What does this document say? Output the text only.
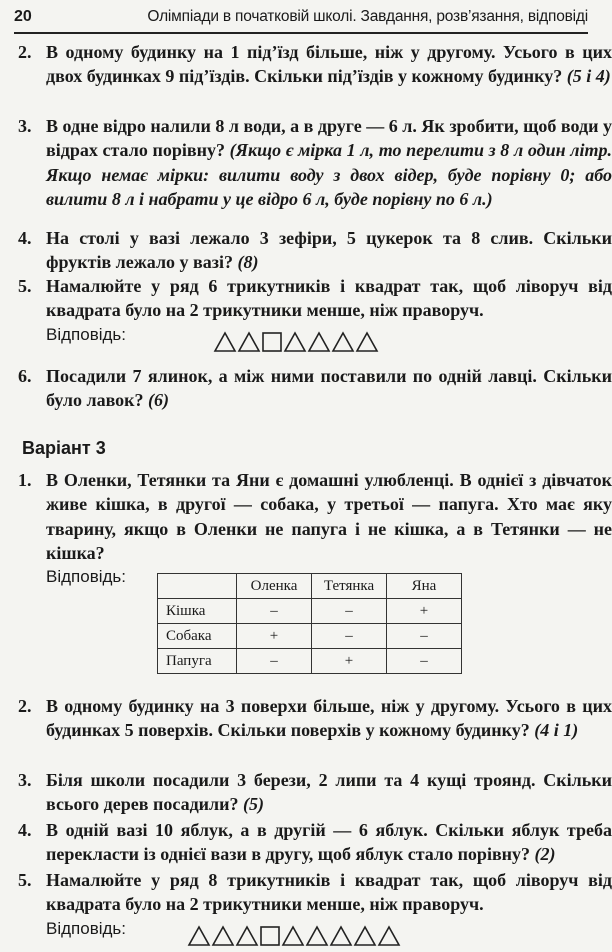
20	Олімпіади в початковій школі. Завдання, розв’язання, відповіді
2. В одному будинку на 1 під’їзд більше, ніж у другому. Усього в цих двох будинках 9 під’їздів. Скільки під’їздів у кожному будинку? (5 і 4)
3. В одне відро налили 8 л води, а в друге — 6 л. Як зробити, щоб води у відрах стало порівну? (Якщо є мірка 1 л, то перелити з 8 л один літр. Якщо немає мірки: вилити воду з двох відер, буде порівну 0; або вилити 8 л і набрати у це відро 6 л, буде порівну по 6 л.)
4. На столі у вазі лежало 3 зефіри, 5 цукерок та 8 слив. Скільки фруктів лежало у вазі? (8)
5. Намалюйте у ряд 6 трикутників і квадрат так, щоб ліворуч від квадрата було на 2 трикутники менше, ніж праворуч.
Відповідь:
6. Посадили 7 ялинок, а між ними поставили по одній лавці. Скільки було лавок? (6)
Варіант 3
1. В Оленки, Тетянки та Яни є домашні улюбленці. В однієї з дівчаток живе кішка, в другої — собака, у третьої — папуга. Хто має яку тварину, якщо в Оленки не папуга і не кішка, а в Тетянки — не кішка?
Відповідь:
2. В одному будинку на 3 поверхи більше, ніж у другому. Усього в цих будинках 5 поверхів. Скільки поверхів у кожному будинку? (4 і 1)
3. Біля школи посадили 3 берези, 2 липи та 4 кущі троянд. Скільки всього дерев посадили? (5)
4. В одній вазі 10 яблук, а в другій — 6 яблук. Скільки яблук треба перекласти із однієї вази в другу, щоб яблук стало порівну? (2)
5. Намалюйте у ряд 8 трикутників і квадрат так, щоб ліворуч від квадрата було на 2 трикутники менше, ніж праворуч.
Відповідь:
	Оленка	Тетянка	Яна
Кішка	–	–	+
Собака	+	–	–
Папуга	–	+	–
